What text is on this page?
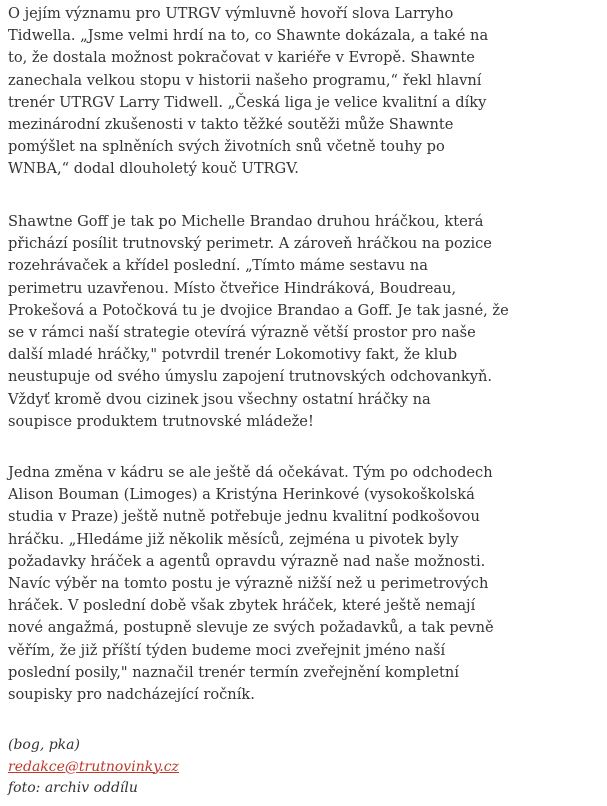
O jejím významu pro UTRGV výmluvně hovoří slova Larryho
Tidwella. „Jsme velmi hrdí na to, co Shawnte dokázala, a také na
to, že dostala možnost pokračovat v kariéře v Evropě. Shawnte
zanechala velkou stopu v historii našeho programu,“ řekl hlavní
trenér UTRGV Larry Tidwell. „Česká liga je velice kvalitní a díky
mezinárodní zkušenosti v takto těžké soutěži může Shawnte
pomýšlet na splněních svých životních snů včetně touhy po
WNBA,“ dodal dlouholetý kouč UTRGV.

Shawtne Goff je tak po Michelle Brandao druhou hráčkou, která
přichází posílit trutnovský perimetr. A zároveň hráčkou na pozice
rozehrávaček a křídel poslední. „Tímto máme sestavu na
perimetru uzavřenou. Místo čtveřice Hindráková, Boudreau,
Prokešová a Potočková tu je dvojice Brandao a Goff. Je tak jasné, že
se v rámci naší strategie otevírá výrazně větší prostor pro naše
další mladé hráčky," potvrdil trenér Lokomotivy fakt, že klub
neustupuje od svého úmyslu zapojení trutnovských odchovankyň.
Vždyť kromě dvou cizinek jsou všechny ostatní hráčky na
soupisce produktem trutnovské mládeže!

Jedna změna v kádru se ale ještě dá očekávat. Tým po odchodech
Alison Bouman (Limoges) a Kristýna Herinkové (vysokoškolská
studia v Praze) ještě nutně potřebuje jednu kvalitní podkošovou
hráčku. „Hledáme již několik měsíců, zejména u pivotek byly
požadavky hráček a agentů opravdu výrazně nad naše možnosti.
Navíc výběr na tomto postu je výrazně nižší než u perimetrových
hráček. V poslední době však zbytek hráček, které ještě nemají
nové angažmá, postupně slevuje ze svých požadavků, a tak pevně
věřím, že již příští týden budeme moci zveřejnit jméno naší
poslední posily," naznačil trenér termín zveřejnění kompletní
soupisky pro nadcházející ročník.

(bog, pka)
redakce@trutnovinky.cz
foto: archiv oddílu
